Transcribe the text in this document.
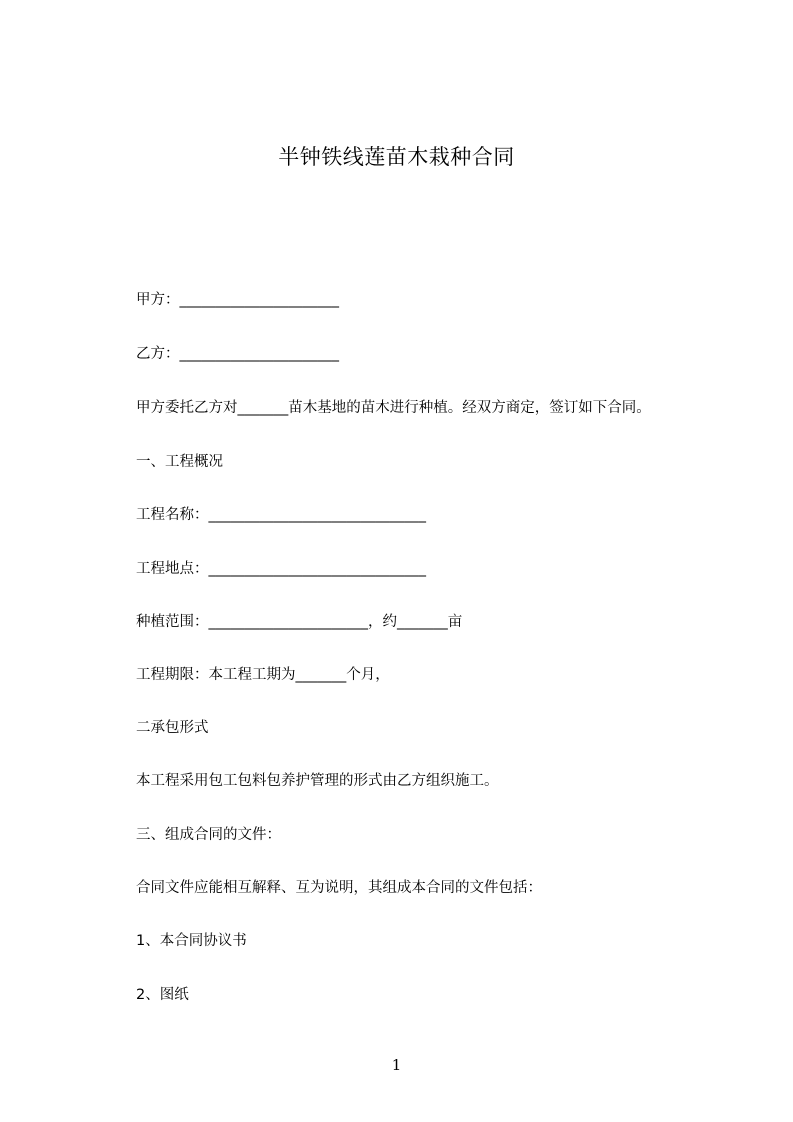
半钟铁线莲苗木栽种合同
甲方：______________________
乙方：______________________
甲方委托乙方对_______苗木基地的苗木进行种植。经双方商定，签订如下合同。
一、工程概况
工程名称：______________________________
工程地点：______________________________
种植范围：______________________，约_______亩
工程期限：本工程工期为_______个月，
二承包形式
本工程采用包工包料包养护管理的形式由乙方组织施工。
三、组成合同的文件：
合同文件应能相互解释、互为说明，其组成本合同的文件包括：
1、本合同协议书
2、图纸
1
